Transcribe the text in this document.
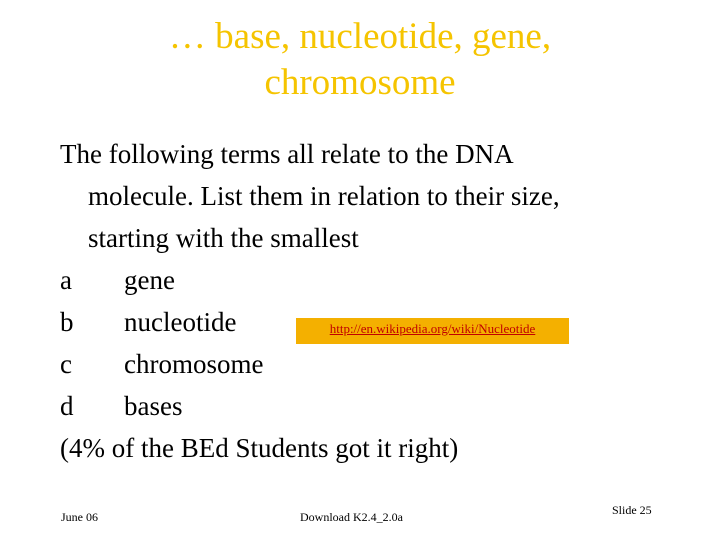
… base, nucleotide, gene,
chromosome
The following terms all relate to the DNA
molecule. List them in relation to their size,
starting with the smallest
a gene
b nucleotide
c chromosome
d bases
(4% of the BEd Students got it right)
http://en.wikipedia.org/wiki/Nucleotide
June 06	Download K2.4_2.0a	Slide 25
